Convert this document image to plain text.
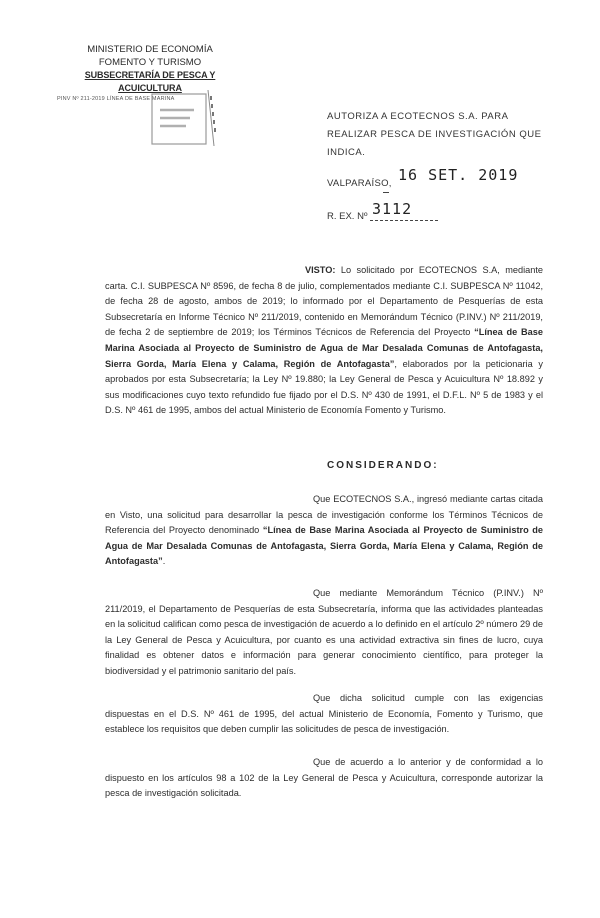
MINISTERIO DE ECONOMÍA
FOMENTO Y TURISMO
SUBSECRETARÍA DE PESCA Y ACUICULTURA
PINV Nº 211-2019 LÍNEA DE BASE MARINA
AUTORIZA A ECOTECNOS S.A. PARA REALIZAR PESCA DE INVESTIGACIÓN QUE INDICA.
VALPARAÍSO, 16 SET. 2019
R. EX. Nº 3112

VISTO: Lo solicitado por ECOTECNOS S.A, mediante carta. C.I. SUBPESCA Nº 8596, de fecha 8 de julio, complementados mediante C.I. SUBPESCA Nº 11042, de fecha 28 de agosto, ambos de 2019; lo informado por el Departamento de Pesquerías de esta Subsecretaría en Informe Técnico Nº 211/2019, contenido en Memorándum Técnico (P.INV.) Nº 211/2019, de fecha 2 de septiembre de 2019; los Términos Técnicos de Referencia del Proyecto “Línea de Base Marina Asociada al Proyecto de Suministro de Agua de Mar Desalada Comunas de Antofagasta, Sierra Gorda, María Elena y Calama, Región de Antofagasta”, elaborados por la peticionaria y aprobados por esta Subsecretaría; la Ley Nº 19.880; la Ley General de Pesca y Acuicultura Nº 18.892 y sus modificaciones cuyo texto refundido fue fijado por el D.S. Nº 430 de 1991, el D.F.L. Nº 5 de 1983 y el D.S. Nº 461 de 1995, ambos del actual Ministerio de Economía Fomento y Turismo.

CONSIDERANDO:

Que ECOTECNOS S.A., ingresó mediante cartas citada en Visto, una solicitud para desarrollar la pesca de investigación conforme los Términos Técnicos de Referencia del Proyecto denominado “Línea de Base Marina Asociada al Proyecto de Suministro de Agua de Mar Desalada Comunas de Antofagasta, Sierra Gorda, María Elena y Calama, Región de Antofagasta”.

Que mediante Memorándum Técnico (P.INV.) Nº 211/2019, el Departamento de Pesquerías de esta Subsecretaría, informa que las actividades planteadas en la solicitud califican como pesca de investigación de acuerdo a lo definido en el artículo 2º número 29 de la Ley General de Pesca y Acuicultura, por cuanto es una actividad extractiva sin fines de lucro, cuya finalidad es obtener datos e información para generar conocimiento científico, para proteger la biodiversidad y el patrimonio sanitario del país.

Que dicha solicitud cumple con las exigencias dispuestas en el D.S. Nº 461 de 1995, del actual Ministerio de Economía, Fomento y Turismo, que establece los requisitos que deben cumplir las solicitudes de pesca de investigación.

Que de acuerdo a lo anterior y de conformidad a lo dispuesto en los artículos 98 a 102 de la Ley General de Pesca y Acuicultura, corresponde autorizar la pesca de investigación solicitada.
